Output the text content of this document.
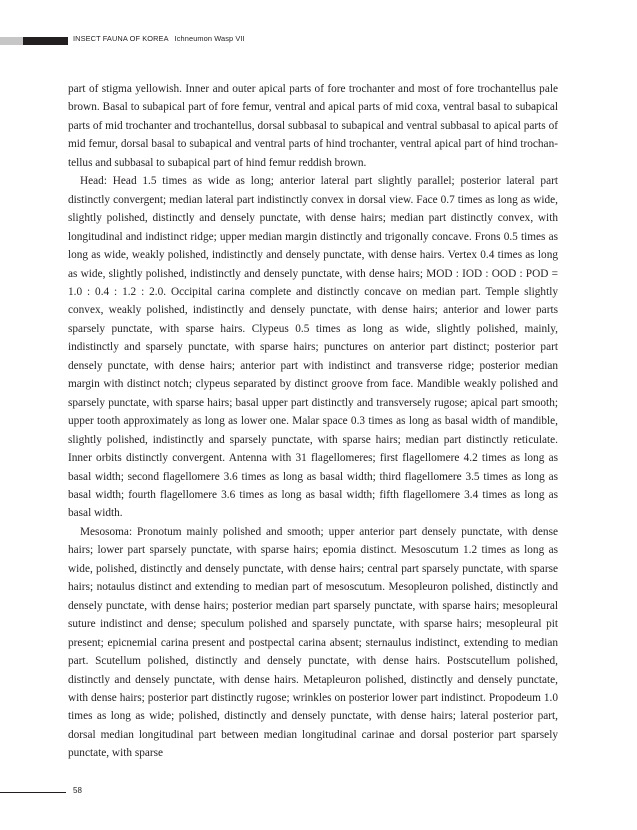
INSECT FAUNA OF KOREA Ichneumon Wasp VII

part of stigma yellowish. Inner and outer apical parts of fore trochanter and most of fore trochantellus pale brown. Basal to subapical part of fore femur, ventral and apical parts of mid coxa, ventral basal to subapical parts of mid trochanter and trochantellus, dorsal subbasal to subapical and ventral subbasal to apical parts of mid femur, dorsal basal to subapical and ventral parts of hind trochanter, ventral apical part of hind trochantellus and subbasal to subapical part of hind femur reddish brown.

Head: Head 1.5 times as wide as long; anterior lateral part slightly parallel; posterior lateral part distinctly convergent; median lateral part indistinctly convex in dorsal view. Face 0.7 times as long as wide, slightly polished, distinctly and densely punctate, with dense hairs; median part distinctly convex, with longitudinal and indistinct ridge; upper median margin distinctly and trigonally concave. Frons 0.5 times as long as wide, weakly polished, indistinctly and densely punctate, with dense hairs. Vertex 0.4 times as long as wide, slightly polished, indistinctly and densely punctate, with dense hairs; MOD : IOD : OOD : POD = 1.0 : 0.4 : 1.2 : 2.0. Occipital carina complete and distinctly concave on median part. Temple slightly convex, weakly polished, indistinctly and densely punctate, with dense hairs; anterior and lower parts sparsely punctate, with sparse hairs. Clypeus 0.5 times as long as wide, slightly polished, mainly, indistinctly and sparsely punctate, with sparse hairs; punctures on anterior part distinct; posterior part densely punctate, with dense hairs; anterior part with indistinct and transverse ridge; posterior median margin with distinct notch; clypeus separated by distinct groove from face. Mandible weakly polished and sparsely punctate, with sparse hairs; basal upper part distinctly and transversely rugose; apical part smooth; upper tooth approximately as long as lower one. Malar space 0.3 times as long as basal width of mandible, slightly polished, indistinctly and sparsely punctate, with sparse hairs; median part distinctly reticulate. Inner orbits distinctly convergent. Antenna with 31 flagellomeres; first flagellomere 4.2 times as long as basal width; second flagellomere 3.6 times as long as basal width; third flagellomere 3.5 times as long as basal width; fourth flagellomere 3.6 times as long as basal width; fifth flagellomere 3.4 times as long as basal width.

Mesosoma: Pronotum mainly polished and smooth; upper anterior part densely punctate, with dense hairs; lower part sparsely punctate, with sparse hairs; epomia distinct. Mesoscutum 1.2 times as long as wide, polished, distinctly and densely punctate, with dense hairs; central part sparsely punctate, with sparse hairs; notaulus distinct and extending to median part of mesoscutum. Mesopleuron polished, distinctly and densely punctate, with dense hairs; posterior median part sparsely punctate, with sparse hairs; mesopleural suture indistinct and dense; speculum polished and sparsely punctate, with sparse hairs; mesopleural pit present; epicnemial carina present and postpectal carina absent; sternaulus indistinct, extending to median part. Scutellum polished, distinctly and densely punctate, with dense hairs. Postscutellum polished, distinctly and densely punctate, with dense hairs. Metapleuron polished, distinctly and densely punctate, with dense hairs; posterior part distinctly rugose; wrinkles on posterior lower part indistinct. Propodeum 1.0 times as long as wide; polished, distinctly and densely punctate, with dense hairs; lateral posterior part, dorsal median longitudinal part between median longitudinal carinae and dorsal posterior part sparsely punctate, with sparse

58
